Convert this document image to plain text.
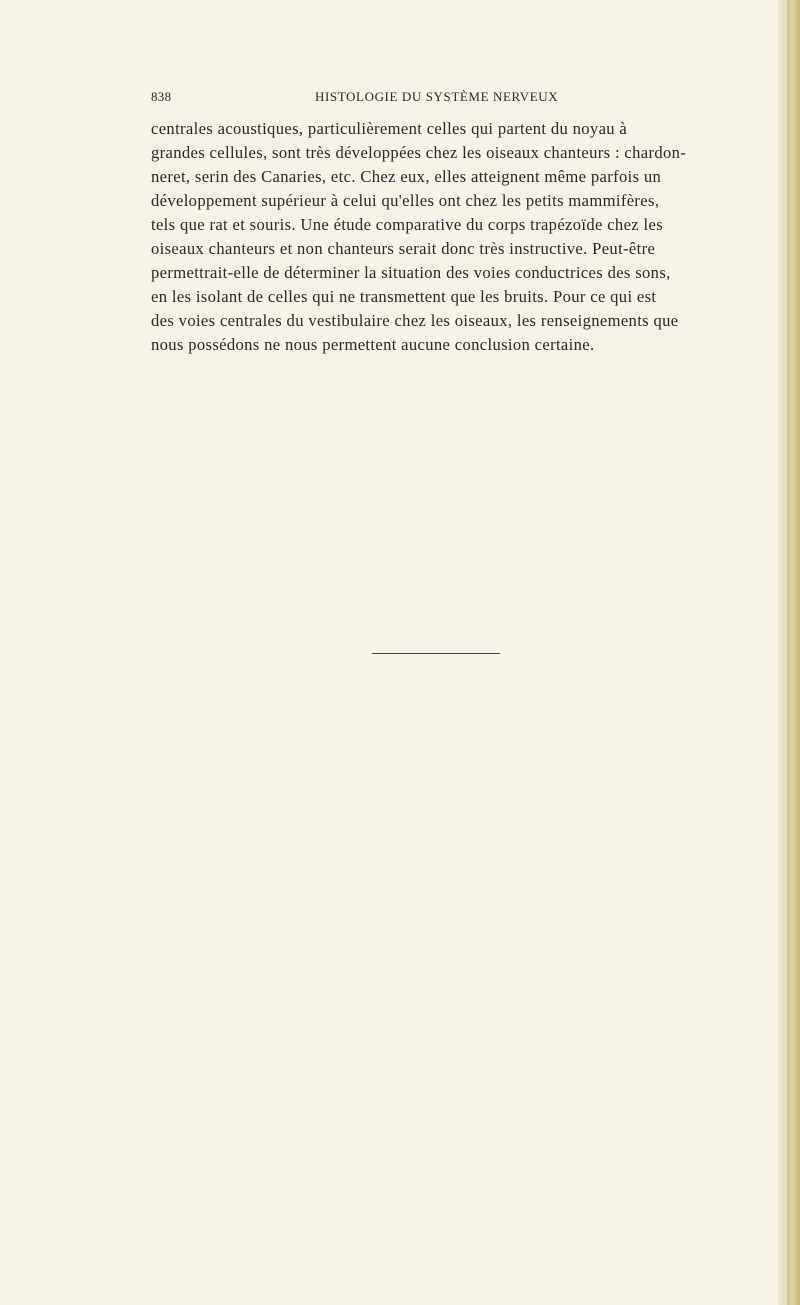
838	HISTOLOGIE DU SYSTÈME NERVEUX
centrales acoustiques, particulièrement celles qui partent du noyau à
grandes cellules, sont très développées chez les oiseaux chanteurs : chardon-
neret, serin des Canaries, etc. Chez eux, elles atteignent même parfois un
développement supérieur à celui qu'elles ont chez les petits mammifères,
tels que rat et souris. Une étude comparative du corps trapézoïde chez les
oiseaux chanteurs et non chanteurs serait donc très instructive. Peut-être
permettrait-elle de déterminer la situation des voies conductrices des sons,
en les isolant de celles qui ne transmettent que les bruits. Pour ce qui est
des voies centrales du vestibulaire chez les oiseaux, les renseignements que
nous possédons ne nous permettent aucune conclusion certaine.
